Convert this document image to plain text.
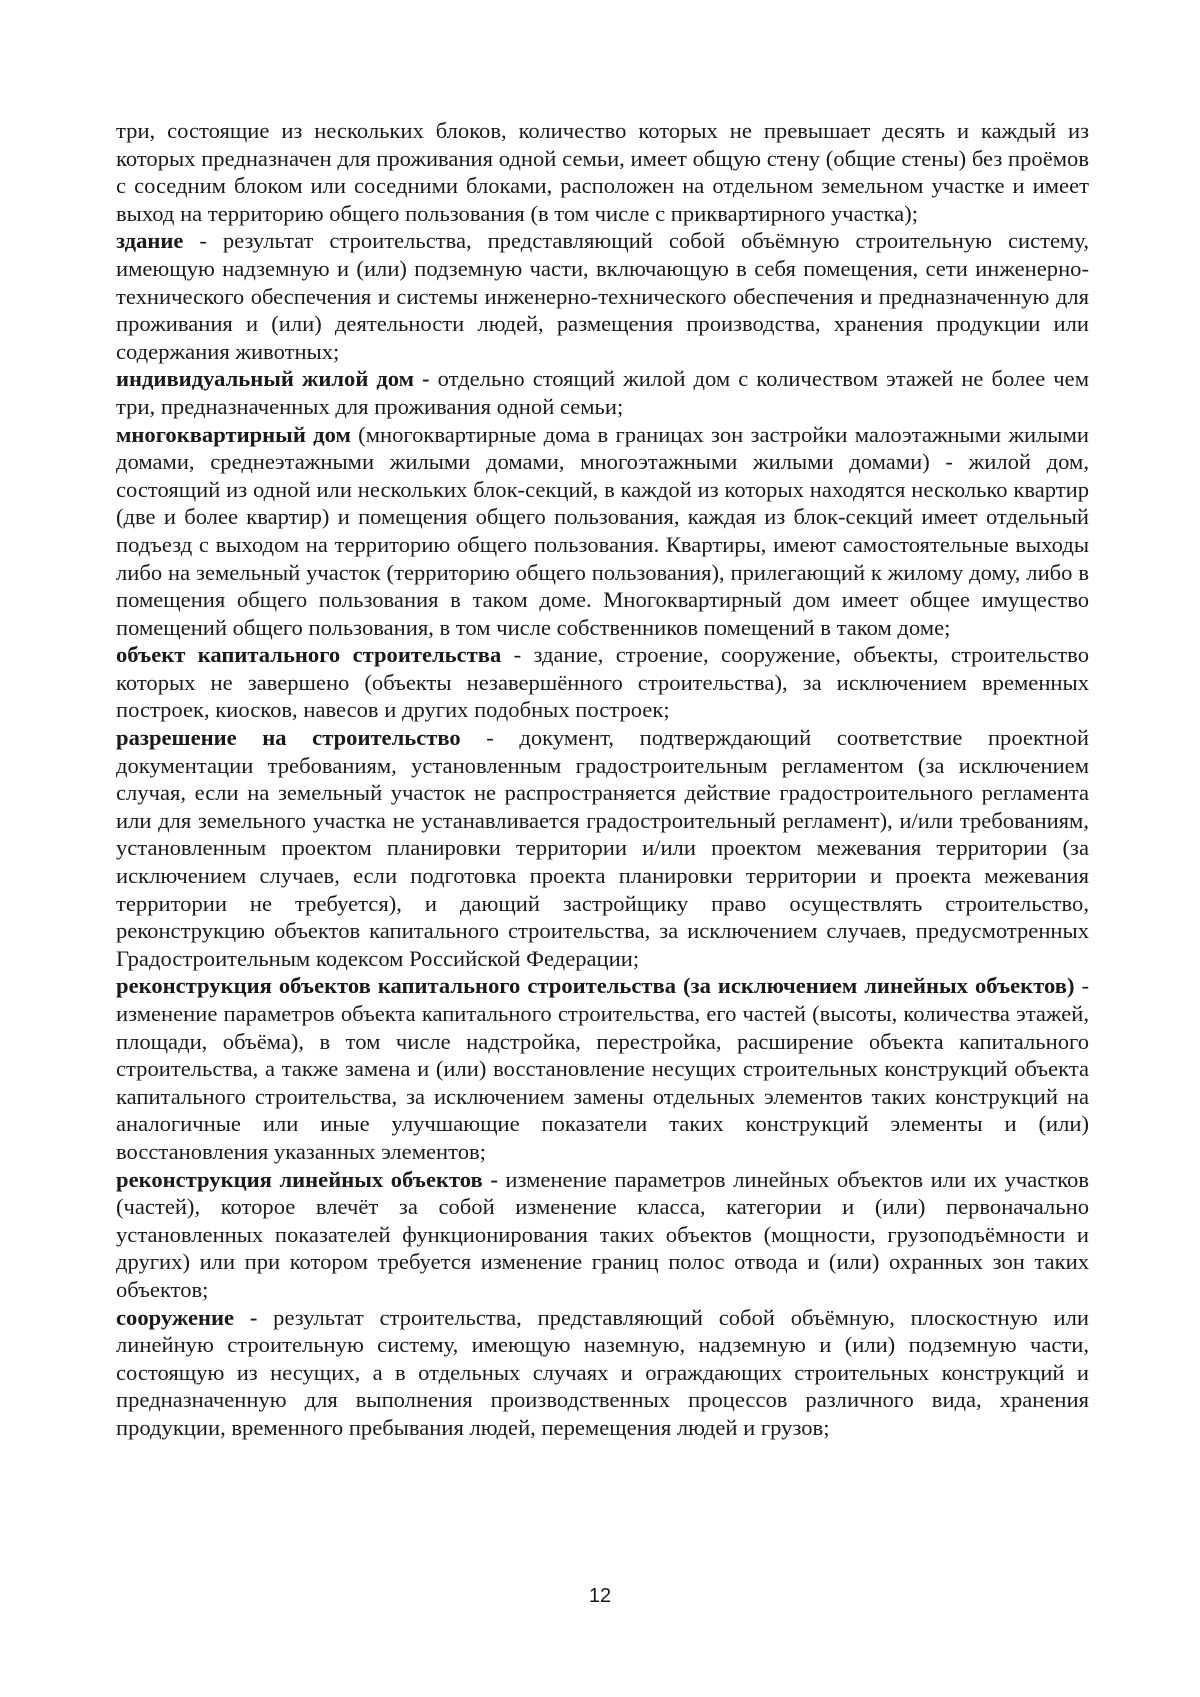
три, состоящие из нескольких блоков, количество которых не превышает десять и каждый из которых предназначен для проживания одной семьи, имеет общую стену (общие стены) без проёмов с соседним блоком или соседними блоками, расположен на отдельном земельном участке и имеет выход на территорию общего пользования (в том числе с приквартирного участка);

здание - результат строительства, представляющий собой объёмную строительную систему, имеющую надземную и (или) подземную части, включающую в себя помещения, сети инженерно-технического обеспечения и системы инженерно-технического обеспечения и предназначенную для проживания и (или) деятельности людей, размещения производства, хранения продукции или содержания животных;

индивидуальный жилой дом - отдельно стоящий жилой дом с количеством этажей не более чем три, предназначенных для проживания одной семьи;

многоквартирный дом (многоквартирные дома в границах зон застройки малоэтажными жилыми домами, среднеэтажными жилыми домами, многоэтажными жилыми домами) - жилой дом, состоящий из одной или нескольких блок-секций, в каждой из которых находятся несколько квартир (две и более квартир) и помещения общего пользования, каждая из блок-секций имеет отдельный подъезд с выходом на территорию общего пользования. Квартиры, имеют самостоятельные выходы либо на земельный участок (территорию общего пользования), прилегающий к жилому дому, либо в помещения общего пользования в таком доме. Многоквартирный дом имеет общее имущество помещений общего пользования, в том числе собственников помещений в таком доме;

объект капитального строительства - здание, строение, сооружение, объекты, строительство которых не завершено (объекты незавершённого строительства), за исключением временных построек, киосков, навесов и других подобных построек;

разрешение на строительство - документ, подтверждающий соответствие проектной документации требованиям, установленным градостроительным регламентом (за исключением случая, если на земельный участок не распространяется действие градостроительного регламента или для земельного участка не устанавливается градостроительный регламент), и/или требованиям, установленным проектом планировки территории и/или проектом межевания территории (за исключением случаев, если подготовка проекта планировки территории и проекта межевания территории не требуется), и дающий застройщику право осуществлять строительство, реконструкцию объектов капитального строительства, за исключением случаев, предусмотренных Градостроительным кодексом Российской Федерации;

реконструкция объектов капитального строительства (за исключением линейных объектов) - изменение параметров объекта капитального строительства, его частей (высоты, количества этажей, площади, объёма), в том числе надстройка, перестройка, расширение объекта капитального строительства, а также замена и (или) восстановление несущих строительных конструкций объекта капитального строительства, за исключением замены отдельных элементов таких конструкций на аналогичные или иные улучшающие показатели таких конструкций элементы и (или) восстановления указанных элементов;

реконструкция линейных объектов - изменение параметров линейных объектов или их участков (частей), которое влечёт за собой изменение класса, категории и (или) первоначально установленных показателей функционирования таких объектов (мощности, грузоподъёмности и других) или при котором требуется изменение границ полос отвода и (или) охранных зон таких объектов;

сооружение - результат строительства, представляющий собой объёмную, плоскостную или линейную строительную систему, имеющую наземную, надземную и (или) подземную части, состоящую из несущих, а в отдельных случаях и ограждающих строительных конструкций и предназначенную для выполнения производственных процессов различного вида, хранения продукции, временного пребывания людей, перемещения людей и грузов;

12
